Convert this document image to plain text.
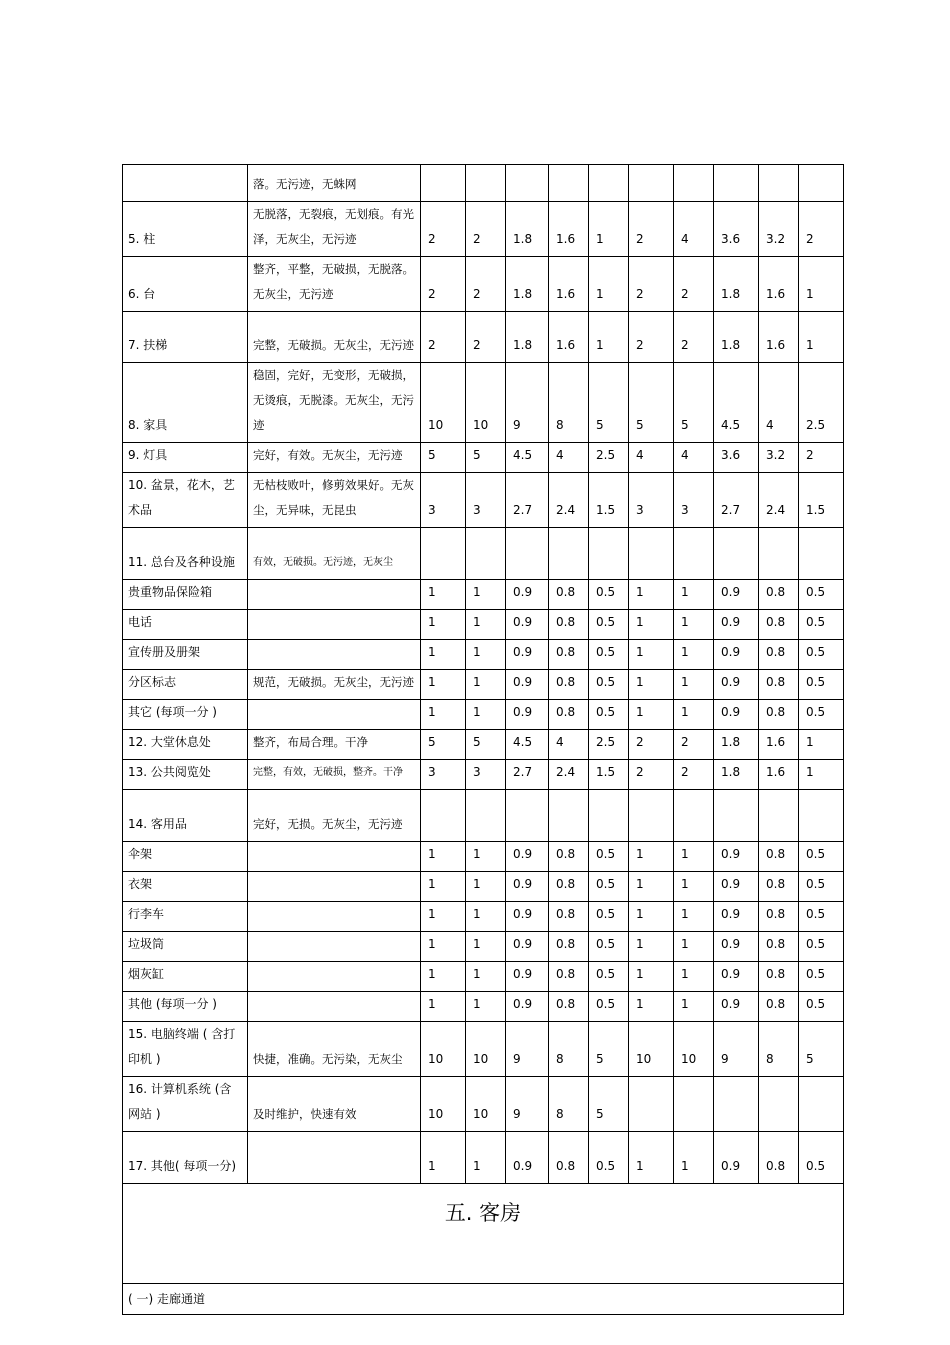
	落。无污迹，无蛛网										
5. 柱	无脱落，无裂痕，无划痕。有光泽，无灰尘，无污迹	2	2	1.8	1.6	1	2	4	3.6	3.2	2
6. 台	整齐，平整，无破损，无脱落。无灰尘，无污迹	2	2	1.8	1.6	1	2	2	1.8	1.6	1
7. 扶梯	完整，无破损。无灰尘，无污迹	2	2	1.8	1.6	1	2	2	1.8	1.6	1
8. 家具	稳固，完好，无变形，无破损，无烫痕，无脱漆。无灰尘，无污迹	10	10	9	8	5	5	5	4.5	4	2.5
9. 灯具	完好，有效。无灰尘，无污迹	5	5	4.5	4	2.5	4	4	3.6	3.2	2
10. 盆景，花木，艺术品	无枯枝败叶，修剪效果好。无灰尘，无异味，无昆虫	3	3	2.7	2.4	1.5	3	3	2.7	2.4	1.5
11. 总台及各种设施	有效，无破损。无污迹，无灰尘										
贵重物品保险箱		1	1	0.9	0.8	0.5	1	1	0.9	0.8	0.5
电话		1	1	0.9	0.8	0.5	1	1	0.9	0.8	0.5
宣传册及册架		1	1	0.9	0.8	0.5	1	1	0.9	0.8	0.5
分区标志	规范，无破损。无灰尘，无污迹	1	1	0.9	0.8	0.5	1	1	0.9	0.8	0.5
其它 (每项一分 )		1	1	0.9	0.8	0.5	1	1	0.9	0.8	0.5
12. 大堂休息处	整齐，布局合理。干净	5	5	4.5	4	2.5	2	2	1.8	1.6	1
13. 公共阅览处	完整，有效，无破损，整齐。干净	3	3	2.7	2.4	1.5	2	2	1.8	1.6	1
14. 客用品	完好，无损。无灰尘，无污迹										
伞架		1	1	0.9	0.8	0.5	1	1	0.9	0.8	0.5
衣架		1	1	0.9	0.8	0.5	1	1	0.9	0.8	0.5
行李车		1	1	0.9	0.8	0.5	1	1	0.9	0.8	0.5
垃圾筒		1	1	0.9	0.8	0.5	1	1	0.9	0.8	0.5
烟灰缸		1	1	0.9	0.8	0.5	1	1	0.9	0.8	0.5
其他 (每项一分 )		1	1	0.9	0.8	0.5	1	1	0.9	0.8	0.5
15. 电脑终端 ( 含打印机 )	快捷，准确。无污染，无灰尘	10	10	9	8	5	10	10	9	8	5
16. 计算机系统 (含网站 )	及时维护，快速有效	10	10	9	8	5					
17. 其他( 每项一分)		1	1	0.9	0.8	0.5	1	1	0.9	0.8	0.5
五. 客房											
( 一) 走廊通道											
